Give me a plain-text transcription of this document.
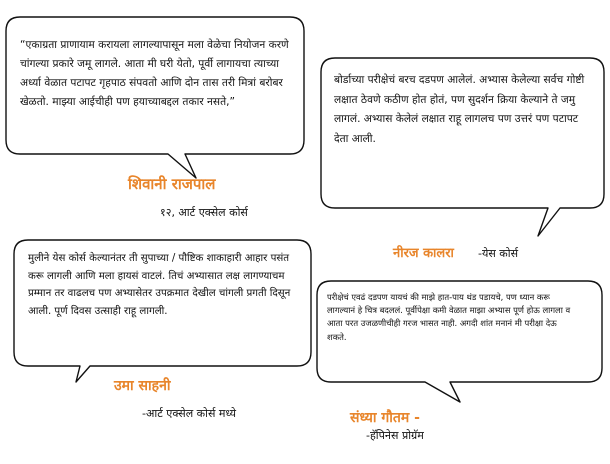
“एकाग्रता प्राणायाम करायला लागल्यापासून मला वेळेचा नियोजन करणे चांगल्या प्रकारे जमू लागले. आता मी घरी येतो, पूर्वी लागायचा त्याच्या अर्ध्या वेळात पटापट गृहपाठ संपवतो आणि दोन तास तरी मित्रां बरोबर खेळतो. माझ्या आईचीही पण हयाच्याबद्दल तकार नसते,”

शिवानी राजपाल

१२, आर्ट एक्सेल कोर्स

बोर्डाच्या परीक्षेचं बरच दडपण आलेलं. अभ्यास केलेल्या सर्वच गोष्टी लक्षात ठेवणे कठीण होत होतं, पण सुदर्शन क्रिया केल्याने ते जमु लागलं. अभ्यास केलेलं लक्षात राहू लागलच पण उत्तरं पण पटापट देता आली.

नीरज कालरा -येस कोर्स

मुलीने येस कोर्स केल्यानंतर ती सुपाच्या / पौष्टिक शाकाहारी आहार पसंत करू लागली आणि मला हायसं वाटलं. तिचं अभ्यासात लक्ष लागण्याचम प्रम्मान तर वाढलच पण अभ्यासेतर उपक्रमात देखील चांगली प्रगती दिसून आली. पूर्ण दिवस उत्साही राहू लागली.

उमा साहनी

-आर्ट एक्सेल कोर्स मध्ये

परीक्षेचं एवढं दडपण यायचं की माझे हात-पाय थंड पडायचे, पण ध्यान करू लागल्यानं हे चित्र बदललं. पूर्वीपेक्षा कमी वेळात माझा अभ्यास पूर्ण होऊ लागला व आता परत उजळणीचीही गरज भासत नाही. अगदी शांत मनानं मी परीक्षा देऊ शकते.

संध्या गौतम -

-हॅपिनेस प्रोग्रॅम
